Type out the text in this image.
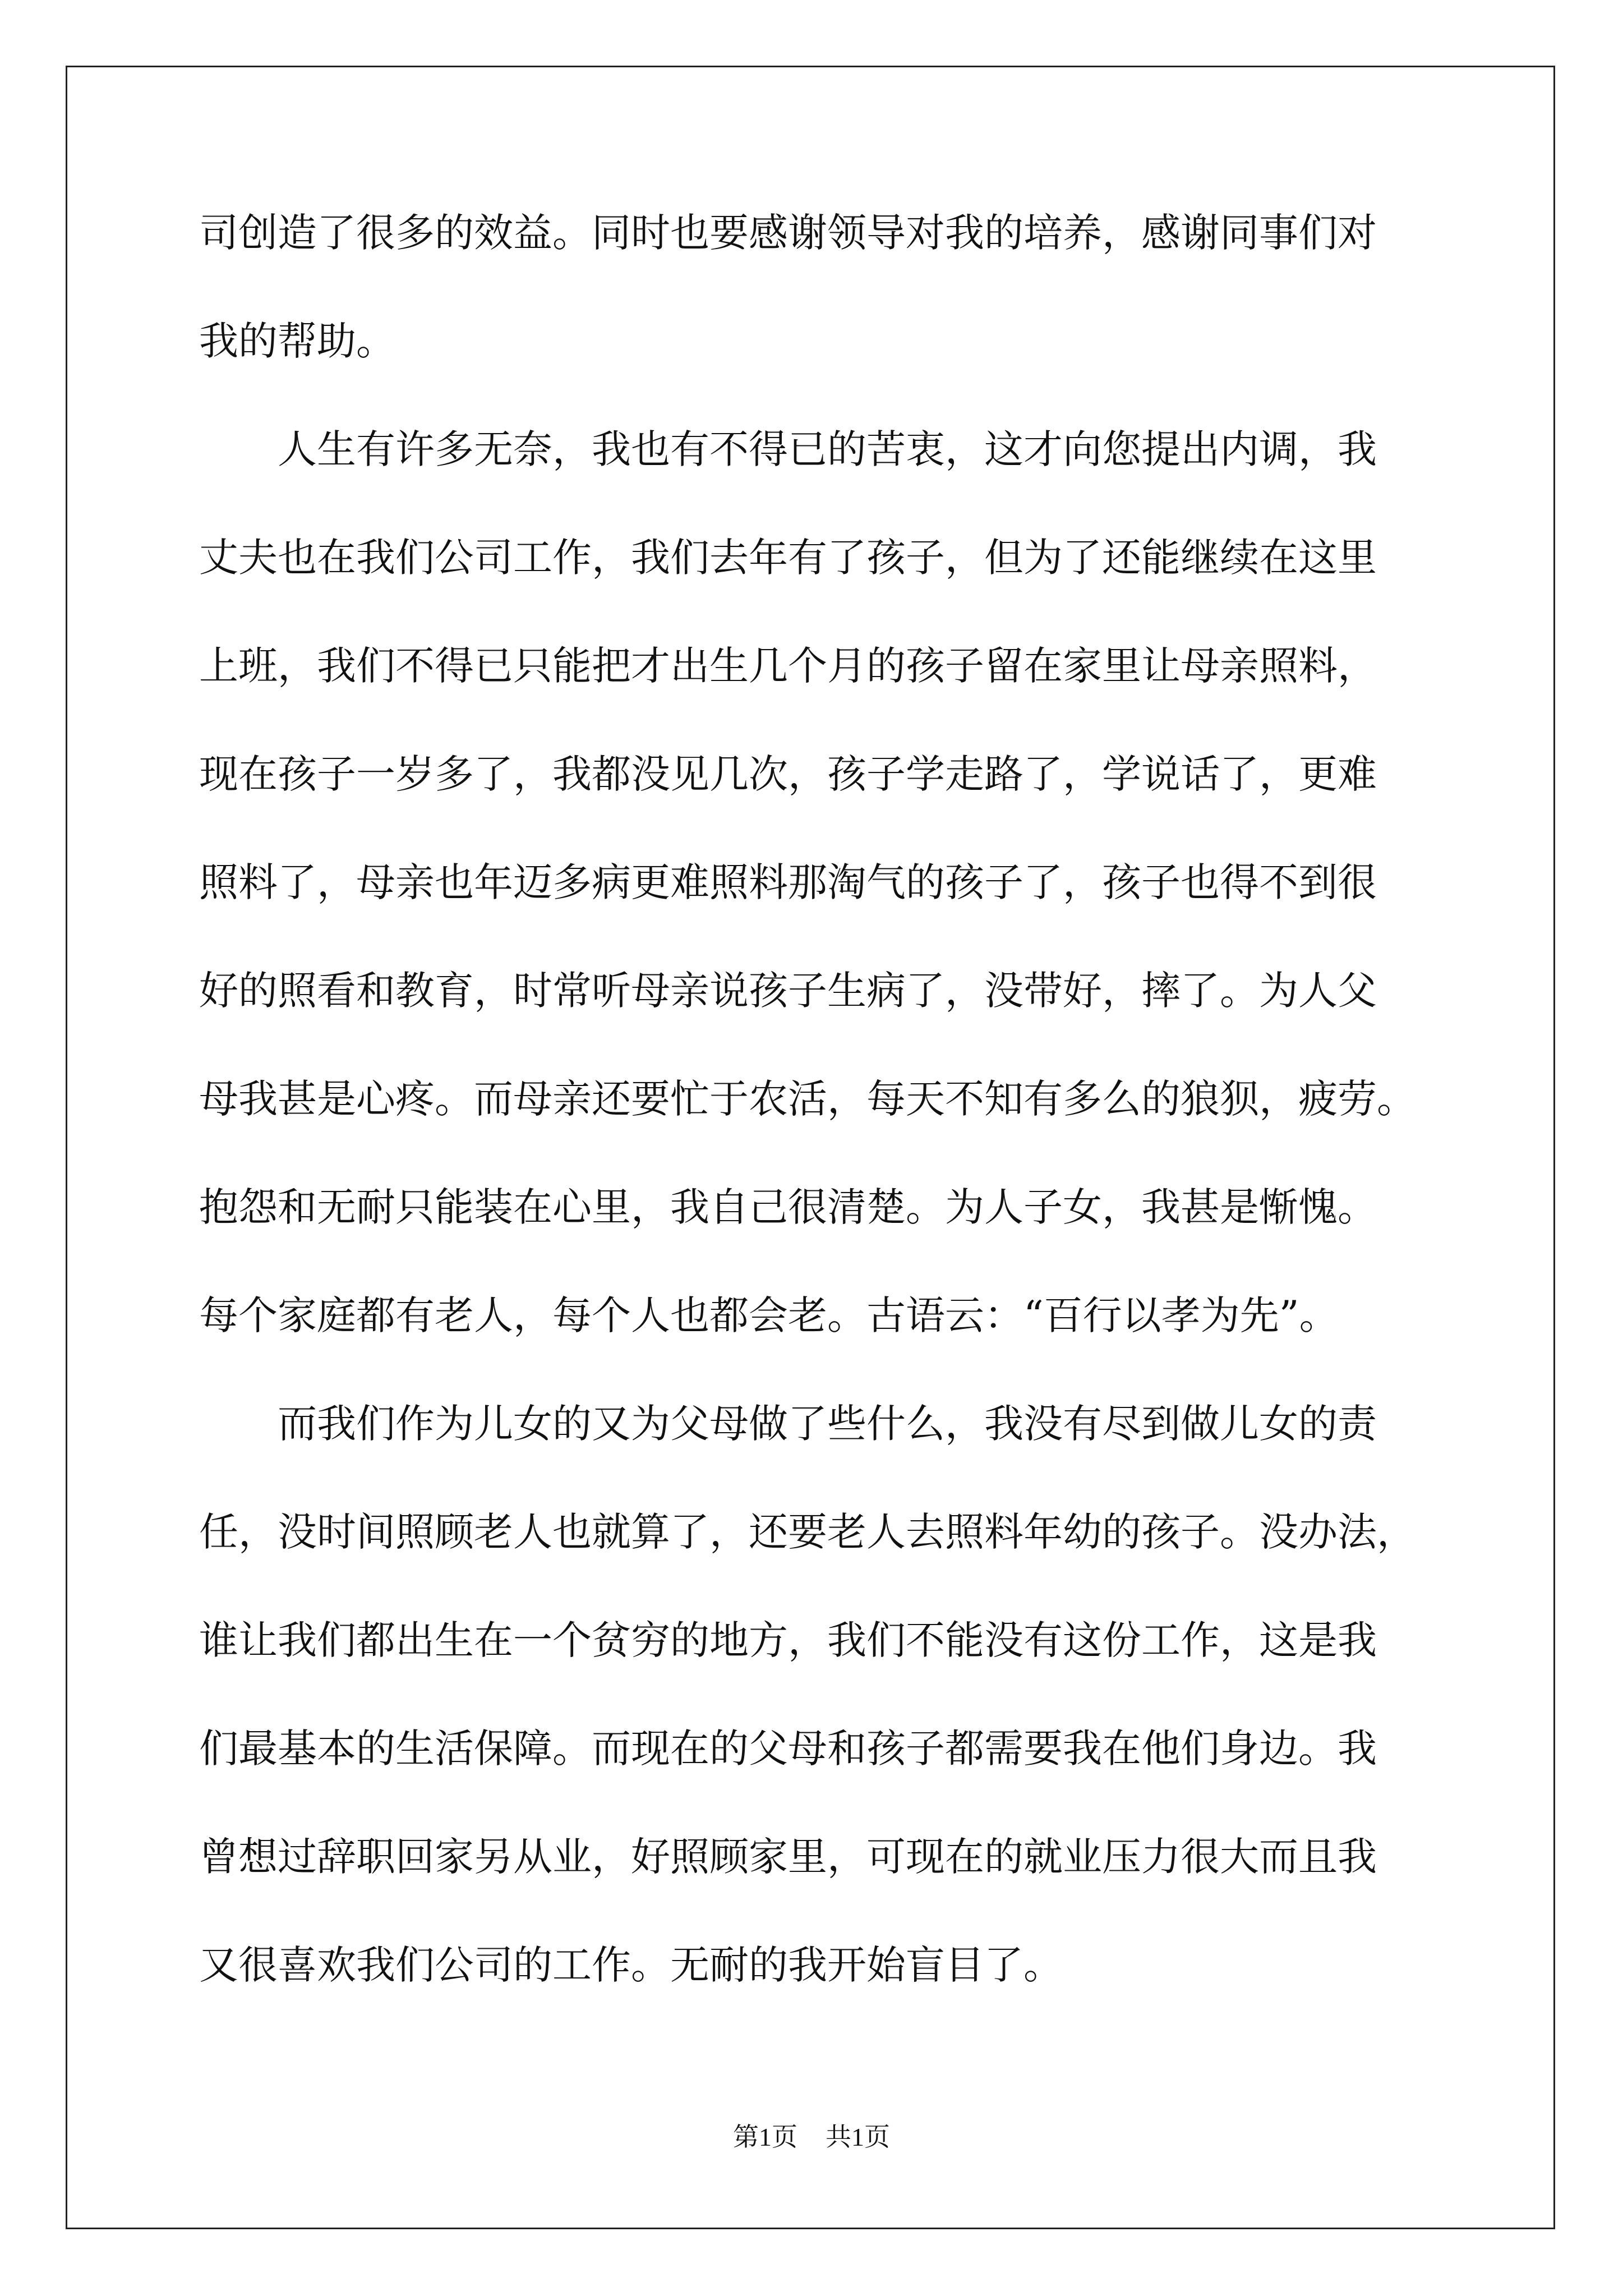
司创造了很多的效益。同时也要感谢领导对我的培养，感谢同事们对

我的帮助。

　　人生有许多无奈，我也有不得已的苦衷，这才向您提出内调，我

丈夫也在我们公司工作，我们去年有了孩子，但为了还能继续在这里

上班，我们不得已只能把才出生几个月的孩子留在家里让母亲照料，

现在孩子一岁多了，我都没见几次，孩子学走路了，学说话了，更难

照料了，母亲也年迈多病更难照料那淘气的孩子了，孩子也得不到很

好的照看和教育，时常听母亲说孩子生病了，没带好，摔了。为人父

母我甚是心疼。而母亲还要忙于农活，每天不知有多么的狼狈，疲劳。

抱怨和无耐只能装在心里，我自己很清楚。为人子女，我甚是惭愧。

每个家庭都有老人，每个人也都会老。古语云：“百行以孝为先”。

　　而我们作为儿女的又为父母做了些什么，我没有尽到做儿女的责

任，没时间照顾老人也就算了，还要老人去照料年幼的孩子。没办法，

谁让我们都出生在一个贫穷的地方，我们不能没有这份工作，这是我

们最基本的生活保障。而现在的父母和孩子都需要我在他们身边。我

曾想过辞职回家另从业，好照顾家里，可现在的就业压力很大而且我

又很喜欢我们公司的工作。无耐的我开始盲目了。

第1页 共1页
